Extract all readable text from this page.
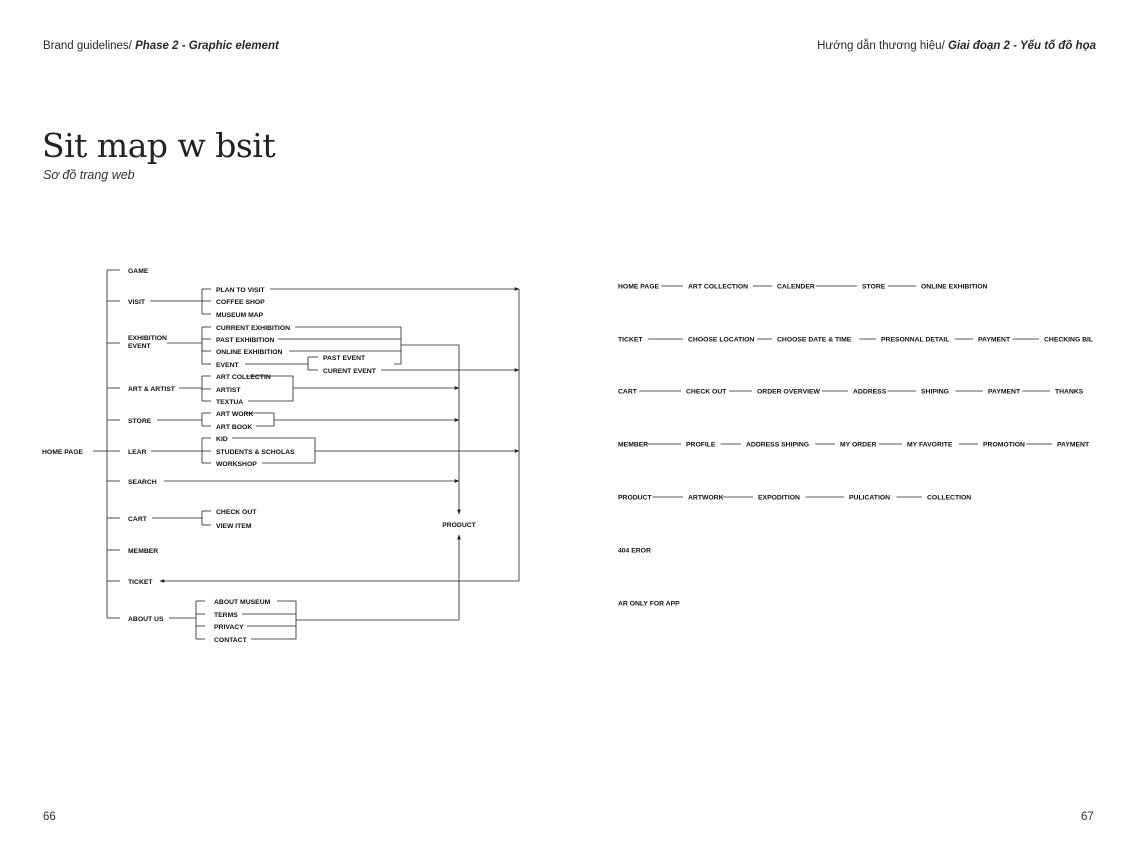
Brand guidelines/ Phase 2 - Graphic element	Hướng dẫn thương hiệu/ Giai đoạn 2 - Yếu tố đồ họa
Sit map w bsit
Sơ đồ trang web
HOME PAGE
GAME
VISIT
PLAN TO VISIT
COFFEE SHOP
MUSEUM MAP
EXHIBITION
EVENT
CURRENT EXHIBITION
PAST EXHIBITION
ONLINE EXHIBITION
EVENT
ART & ARTIST
ART COLLECTIN
ARTIST
TEXTUA
STORE
ART WORK
ART BOOK
LEAR
KID
STUDENTS & SCHOLAS
WORKSHOP
SEARCH
CART
CHECK OUT
VIEW ITEM
MEMBER
TICKET
ABOUT US
ABOUT MUSEUM
TERMS
PRIVACY
CONTACT
PAST EVENT
CURENT EVENT
PRODUCT
HOME PAGE	ART COLLECTION	CALENDER	STORE	ONLINE EXHIBITION
TICKET	CHOOSE LOCATION	CHOOSE DATE & TIME	PRESONNAL DETAIL	PAYMENT	CHECKING BIL
CART	CHECK OUT	ORDER OVERVIEW	ADDRESS	SHIPING	PAYMENT	THANKS
MEMBER	PROFILE	ADDRESS SHIPING	MY ORDER	MY FAVORITE	PROMOTION	PAYMENT
PRODUCT	ARTWORK	EXPODITION	PULICATION	COLLECTION
404 EROR
AR ONLY FOR APP
66	67
